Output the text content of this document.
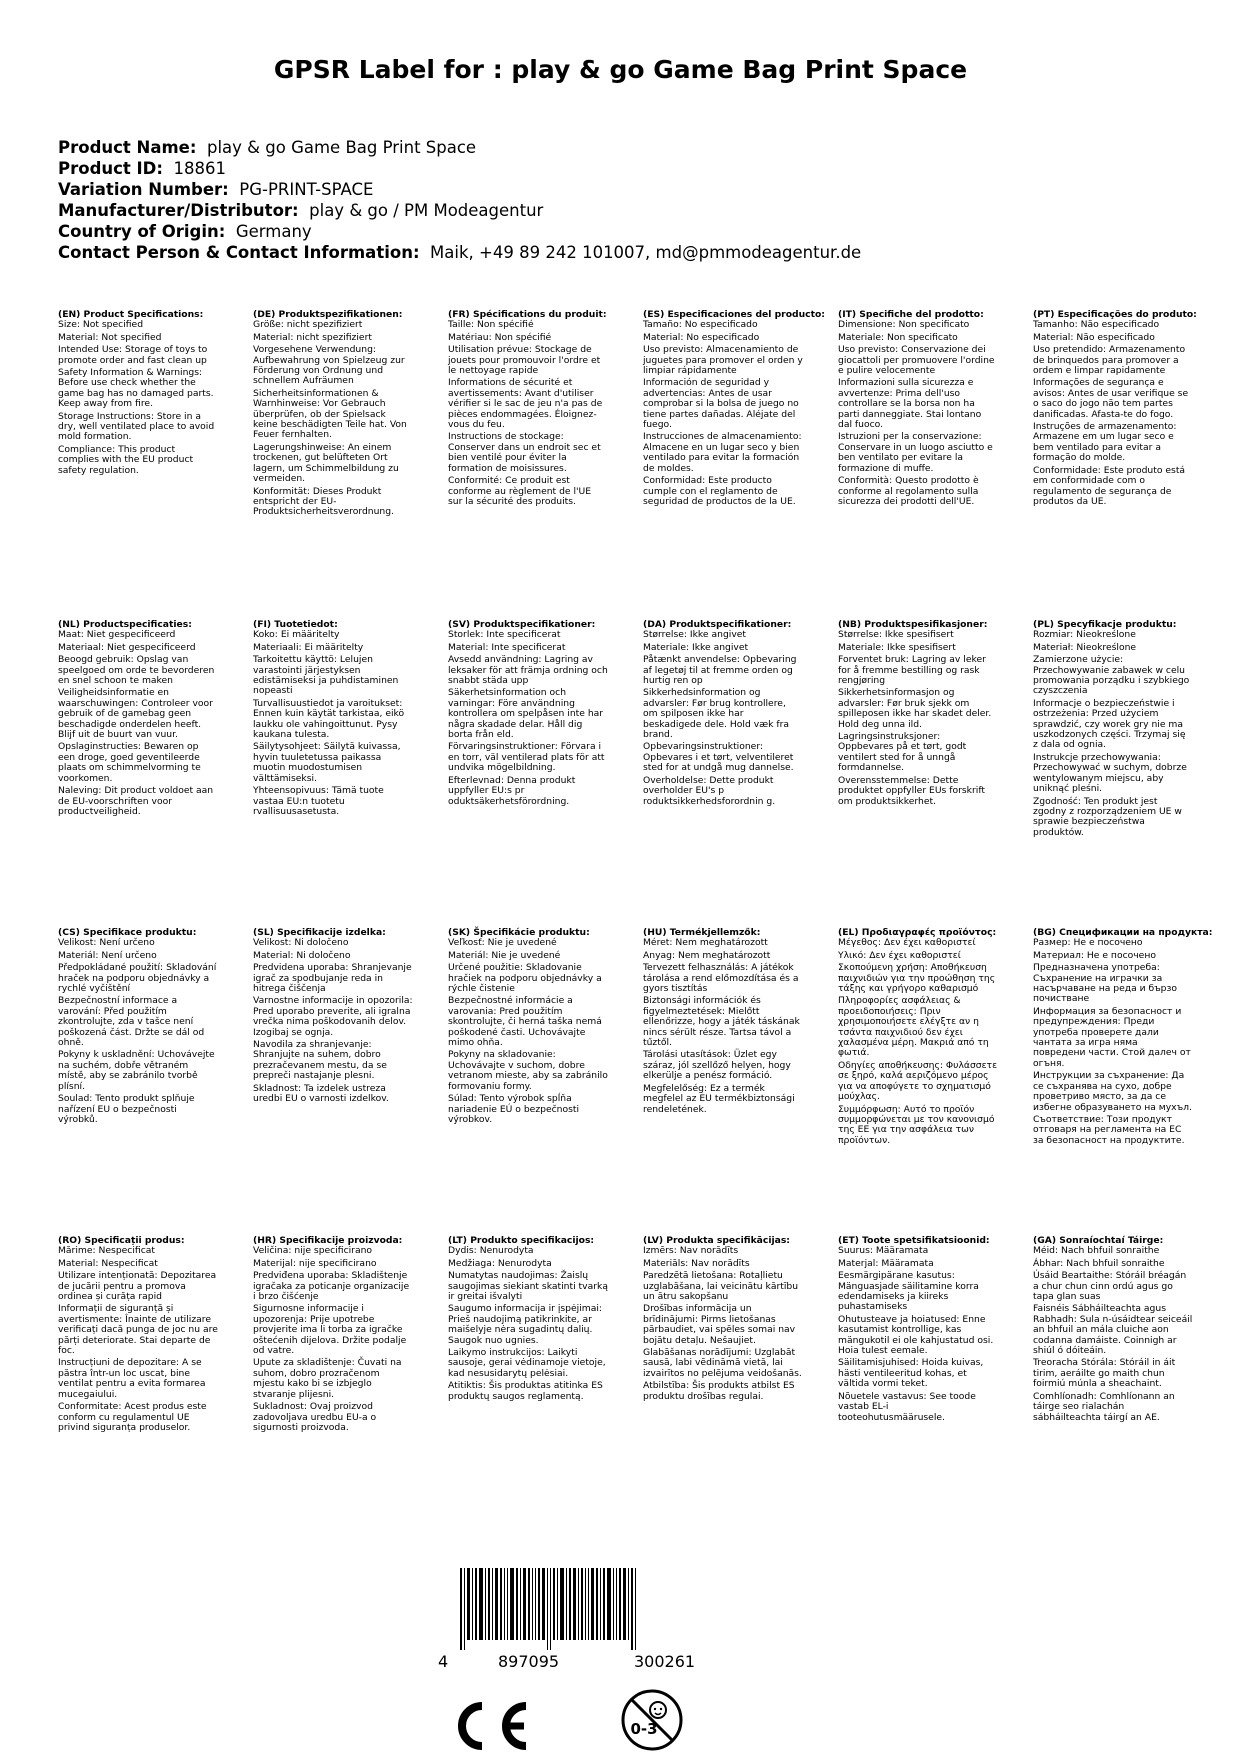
GPSR Label for : play & go Game Bag Print Space
Product Name: play & go Game Bag Print Space
Product ID: 18861
Variation Number: PG-PRINT-SPACE
Manufacturer/Distributor: play & go / PM Modeagentur
Country of Origin: Germany
Contact Person & Contact Information: Maik, +49 89 242 101007, md@pmmodeagentur.de
(EN) Product Specifications:

Size: Not specified

Material: Not specified

Intended Use: Storage of toys to promote order and fast clean up

Safety Information & Warnings: Before use check whether the game bag has no damaged parts. Keep away from fire.

Storage Instructions: Store in a dry, well ventilated place to avoid mold formation.

Compliance: This product complies with the EU product safety regulation.

(DE) Produktspezifikationen:

Größe: nicht spezifiziert

Material: nicht spezifiziert

Vorgesehene Verwendung: Aufbewahrung von Spielzeug zur Förderung von Ordnung und schnellem Aufräumen

Sicherheitsinformationen & Warnhinweise: Vor Gebrauch überprüfen, ob der Spielsack keine beschädigten Teile hat. Von Feuer fernhalten.

Lagerungshinweise: An einem trockenen, gut belüfteten Ort lagern, um Schimmelbildung zu vermeiden.

Konformität: Dieses Produkt entspricht der EU-Produktsicherheitsverordnung.

(FR) Spécifications du produit:

Taille: Non spécifié

Matériau: Non spécifié

Utilisation prévue: Stockage de jouets pour promouvoir l'ordre et le nettoyage rapide

Informations de sécurité et avertissements: Avant d'utiliser vérifier si le sac de jeu n'a pas de pièces endommagées. Éloignez-vous du feu.

Instructions de stockage: Conserver dans un endroit sec et bien ventilé pour éviter la formation de moisissures.

Conformité: Ce produit est conforme au règlement de l'UE sur la sécurité des produits.

(ES) Especificaciones del producto:

Tamaño: No especificado

Material: No especificado

Uso previsto: Almacenamiento de juguetes para promover el orden y limpiar rápidamente

Información de seguridad y advertencias: Antes de usar comprobar si la bolsa de juego no tiene partes dañadas. Aléjate del fuego.

Instrucciones de almacenamiento: Almacene en un lugar seco y bien ventilado para evitar la formación de moldes.

Conformidad: Este producto cumple con el reglamento de seguridad de productos de la UE.

(IT) Specifiche del prodotto:

Dimensione: Non specificato

Materiale: Non specificato

Uso previsto: Conservazione dei giocattoli per promuovere l'ordine e pulire velocemente

Informazioni sulla sicurezza e avvertenze: Prima dell'uso controllare se la borsa non ha parti danneggiate. Stai lontano dal fuoco.

Istruzioni per la conservazione: Conservare in un luogo asciutto e ben ventilato per evitare la formazione di muffe.

Conformità: Questo prodotto è conforme al regolamento sulla sicurezza dei prodotti dell'UE.

(PT) Especificações do produto:

Tamanho: Não especificado

Material: Não especificado

Uso pretendido: Armazenamento de brinquedos para promover a ordem e limpar rapidamente

Informações de segurança e avisos: Antes de usar verifique se o saco do jogo não tem partes danificadas. Afasta-te do fogo.

Instruções de armazenamento: Armazene em um lugar seco e bem ventilado para evitar a formação do molde.

Conformidade: Este produto está em conformidade com o regulamento de segurança de produtos da UE.

(NL) Productspecificaties:

Maat: Niet gespecificeerd

Materiaal: Niet gespecificeerd

Beoogd gebruik: Opslag van speelgoed om orde te bevorderen en snel schoon te maken

Veiligheidsinformatie en waarschuwingen: Controleer voor gebruik of de gamebag geen beschadigde onderdelen heeft. Blijf uit de buurt van vuur.

Opslaginstructies: Bewaren op een droge, goed geventileerde plaats om schimmelvorming te voorkomen.

Naleving: Dit product voldoet aan de EU-voorschriften voor productveiligheid.

(FI) Tuotetiedot:

Koko: Ei määritelty

Materiaali: Ei määritelty

Tarkoitettu käyttö: Lelujen varastointi järjestyksen edistämiseksi ja puhdistaminen nopeasti

Turvallisuustiedot ja varoitukset: Ennen kuin käytät tarkistaa, eikö laukku ole vahingoittunut. Pysy kaukana tulesta.

Säilytysohjeet: Säilytä kuivassa, hyvin tuuletetussa paikassa muotin muodostumisen välttämiseksi.

Yhteensopivuus: Tämä tuote vastaa EU:n tuotetu rvallisuusasetusta.

(SV) Produktspecifikationer:

Storlek: Inte specificerat

Material: Inte specificerat

Avsedd användning: Lagring av leksaker för att främja ordning och snabbt städa upp

Säkerhetsinformation och varningar: Före användning kontrollera om spelpåsen inte har några skadade delar. Håll dig borta från eld.

Förvaringsinstruktioner: Förvara i en torr, väl ventilerad plats för att undvika mögelbildning.

Efterlevnad: Denna produkt uppfyller EU:s pr oduktsäkerhetsförordning.

(DA) Produktspecifikationer:

Størrelse: Ikke angivet

Materiale: Ikke angivet

Påtænkt anvendelse: Opbevaring af legetøj til at fremme orden og hurtig ren op

Sikkerhedsinformation og advarsler: Før brug kontrollere, om spilposen ikke har beskadigede dele. Hold væk fra brand.

Opbevaringsinstruktioner: Opbevares i et tørt, velventileret sted for at undgå mug dannelse.

Overholdelse: Dette produkt overholder EU's p roduktsikkerhedsforordnin g.

(NB) Produktspesifikasjoner:

Størrelse: Ikke spesifisert

Materiale: Ikke spesifisert

Forventet bruk: Lagring av leker for å fremme bestilling og rask rengjøring

Sikkerhetsinformasjon og advarsler: Før bruk sjekk om spilleposen ikke har skadet deler. Hold deg unna ild.

Lagringsinstruksjoner: Oppbevares på et tørt, godt ventilert sted for å unngå formdannelse.

Overensstemmelse: Dette produktet oppfyller EUs forskrift om produktsikkerhet.

(PL) Specyfikacje produktu:

Rozmiar: Nieokreślone

Materiał: Nieokreślone

Zamierzone użycie: Przechowywanie zabawek w celu promowania porządku i szybkiego czyszczenia

Informacje o bezpieczeństwie i ostrzeżenia: Przed użyciem sprawdzić, czy worek gry nie ma uszkodzonych części. Trzymaj się z dala od ognia.

Instrukcje przechowywania: Przechowywać w suchym, dobrze wentylowanym miejscu, aby uniknąć pleśni.

Zgodność: Ten produkt jest zgodny z rozporządzeniem UE w sprawie bezpieczeństwa produktów.

(CS) Specifikace produktu:

Velikost: Není určeno

Materiál: Není určeno

Předpokládané použití: Skladování hraček na podporu objednávky a rychlé vyčištění

Bezpečnostní informace a varování: Před použitím zkontrolujte, zda v tašce není poškozená část. Držte se dál od ohně.

Pokyny k uskladnění: Uchovávejte na suchém, dobře větraném místě, aby se zabránilo tvorbě plísní.

Soulad: Tento produkt splňuje nařízení EU o bezpečnosti výrobků.

(SL) Specifikacije izdelka:

Velikost: Ni določeno

Material: Ni določeno

Predvidena uporaba: Shranjevanje igrač za spodbujanje reda in hitrega čiščenja

Varnostne informacije in opozorila: Pred uporabo preverite, ali igralna vrečka nima poškodovanih delov. Izogibaj se ognja.

Navodila za shranjevanje: Shranjujte na suhem, dobro prezračevanem mestu, da se prepreči nastajanje plesni.

Skladnost: Ta izdelek ustreza uredbi EU o varnosti izdelkov.

(SK) Špecifikácie produktu:

Veľkosť: Nie je uvedené

Materiál: Nie je uvedené

Určené použitie: Skladovanie hračiek na podporu objednávky a rýchle čistenie

Bezpečnostné informácie a varovania: Pred použitím skontrolujte, či herná taška nemá poškodené časti. Uchovávajte mimo ohňa.

Pokyny na skladovanie: Uchovávajte v suchom, dobre vetranom mieste, aby sa zabránilo formovaniu formy.

Súlad: Tento výrobok spĺňa nariadenie EÚ o bezpečnosti výrobkov.

(HU) Termékjellemzők:

Méret: Nem meghatározott

Anyag: Nem meghatározott

Tervezett felhasználás: A játékok tárolása a rend előmozdítása és a gyors tisztítás

Biztonsági információk és figyelmeztetések: Mielőtt ellenőrizze, hogy a játék táskának nincs sérült része. Tartsa távol a tűztől.

Tárolási utasítások: Üzlet egy száraz, jól szellőző helyen, hogy elkerülje a penész formáció.

Megfelelőség: Ez a termék megfelel az EU termékbiztonsági rendeletének.

(EL) Προδιαγραφές προϊόντος:

Μέγεθος: Δεν έχει καθοριστεί

Υλικό: Δεν έχει καθοριστεί

Σκοπούμενη χρήση: Αποθήκευση παιχνιδιών για την προώθηση της τάξης και γρήγορο καθαρισμό

Πληροφορίες ασφάλειας & προειδοποιήσεις: Πριν χρησιμοποιήσετε ελέγξτε αν η τσάντα παιχνιδιού δεν έχει χαλασμένα μέρη. Μακριά από τη φωτιά.

Οδηγίες αποθήκευσης: Φυλάσσετε σε ξηρό, καλά αεριζόμενο μέρος για να αποφύγετε το σχηματισμό μούχλας.

Συμμόρφωση: Αυτό το προϊόν συμμορφώνεται με τον κανονισμό της ΕΕ για την ασφάλεια των προϊόντων.

(BG) Спецификации на продукта:

Размер: Не е посочено

Материал: Не е посочено

Предназначена употреба: Съхранение на играчки за насърчаване на реда и бързо почистване

Информация за безопасност и предупреждения: Преди употреба проверете дали чантата за игра няма повредени части. Стой далеч от огъня.

Инструкции за съхранение: Да се съхранява на сухо, добре проветриво място, за да се избегне образуването на мухъл.

Съответствие: Този продукт отговаря на регламента на ЕС за безопасност на продуктите.

(RO) Specificații produs:

Mărime: Nespecificat

Material: Nespecificat

Utilizare intenționată: Depozitarea de jucării pentru a promova ordinea și curăța rapid

Informații de siguranță și avertismente: Înainte de utilizare verificați dacă punga de joc nu are părți deteriorate. Stai departe de foc.

Instrucțiuni de depozitare: A se păstra într-un loc uscat, bine ventilat pentru a evita formarea mucegaiului.

Conformitate: Acest produs este conform cu regulamentul UE privind siguranța produselor.

(HR) Specifikacije proizvoda:

Veličina: nije specificirano

Materijal: nije specificirano

Predviđena uporaba: Skladištenje igračaka za poticanje organizacije i brzo čišćenje

Sigurnosne informacije i upozorenja: Prije upotrebe provjerite ima li torba za igračke oštećenih dijelova. Držite podalje od vatre.

Upute za skladištenje: Čuvati na suhom, dobro prozračenom mjestu kako bi se izbjeglo stvaranje plijesni.

Sukladnost: Ovaj proizvod zadovoljava uredbu EU-a o sigurnosti proizvoda.

(LT) Produkto specifikacijos:

Dydis: Nenurodyta

Medžiaga: Nenurodyta

Numatytas naudojimas: Žaislų saugojimas siekiant skatinti tvarką ir greitai išvalyti

Saugumo informacija ir įspėjimai: Prieš naudojimą patikrinkite, ar maišelyje nėra sugadintų dalių. Saugok nuo ugnies.

Laikymo instrukcijos: Laikyti sausoje, gerai vėdinamoje vietoje, kad nesusidarytų pelėsiai.

Atitiktis: Šis produktas atitinka ES produktų saugos reglamentą.

(LV) Produkta specifikācijas:

Izmērs: Nav norādīts

Materiāls: Nav norādīts

Paredzētā lietošana: Rotaļlietu uzglabāšana, lai veicinātu kārtību un ātru sakopšanu

Drošības informācija un brīdinājumi: Pirms lietošanas pārbaudiet, vai spēles somai nav bojātu detaļu. Nešaujiet.

Glabāšanas norādījumi: Uzglabāt sausā, labi vēdināmā vietā, lai izvairītos no pelējuma veidošanās.

Atbilstība: Šis produkts atbilst ES produktu drošības regulai.

(ET) Toote spetsifikatsioonid:

Suurus: Määramata

Materjal: Määramata

Eesmärgipärane kasutus: Mänguasjade säilitamine korra edendamiseks ja kiireks puhastamiseks

Ohutusteave ja hoiatused: Enne kasutamist kontrollige, kas mängukotil ei ole kahjustatud osi. Hoia tulest eemale.

Säilitamisjuhised: Hoida kuivas, hästi ventileeritud kohas, et vältida vormi teket.

Nõuetele vastavus: See toode vastab EL-i tooteohutusmäärusele.

(GA) Sonraíochtaí Táirge:

Méid: Nach bhfuil sonraithe

Ábhar: Nach bhfuil sonraithe

Úsáid Beartaithe: Stóráil bréagán a chur chun cinn ordú agus go tapa glan suas

Faisnéis Sábháilteachta agus Rabhadh: Sula n-úsáidtear seiceáil an bhfuil an mála cluiche aon codanna damáiste. Coinnigh ar shiúl ó dóiteáin.

Treoracha Stórála: Stóráil in áit tirim, aeráilte go maith chun foirmiú múnla a sheachaint.

Comhlíonadh: Comhlíonann an táirge seo rialachán sábháilteachta táirgí an AE.

4	897095	300261
0-3
